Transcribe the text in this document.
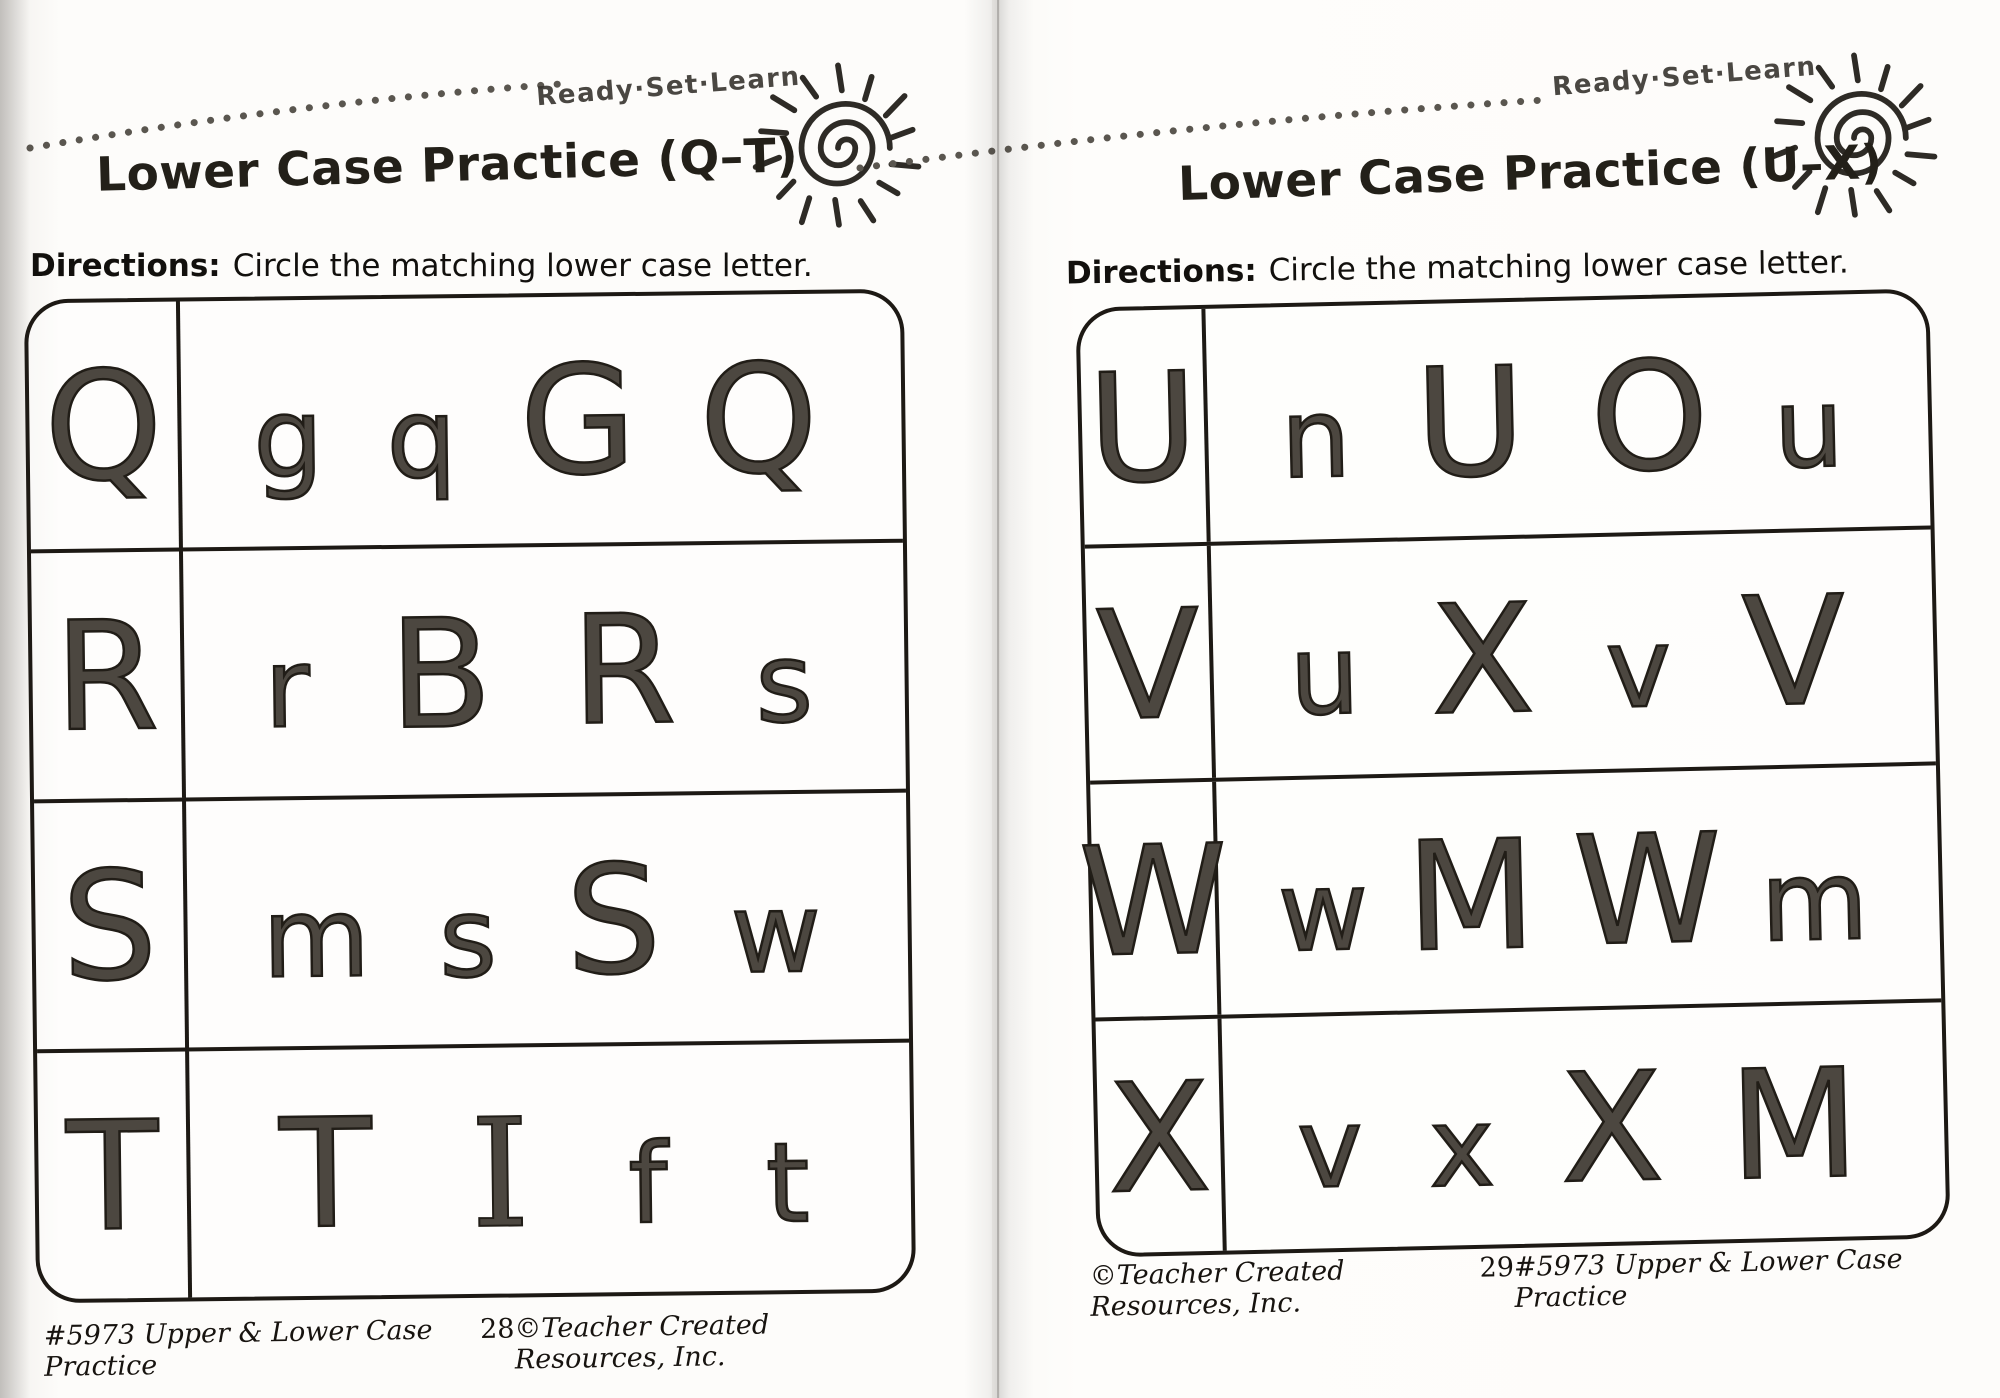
Ready·Set·Learn
Lower Case Practice (Q–T)

Directions: Circle the matching lower case letter.

Q g q G Q
R r B R s
S m s S w
T T I f t
#5973 Upper & Lower Case Practice
28 ©Teacher Created Resources, Inc.
Ready·Set·Learn
Lower Case Practice (U–X)

Directions: Circle the matching lower case letter.

U n U O u
V u X v V
W w M W m
X v x X M
©Teacher Created Resources, Inc.
29 #5973 Upper & Lower Case Practice
